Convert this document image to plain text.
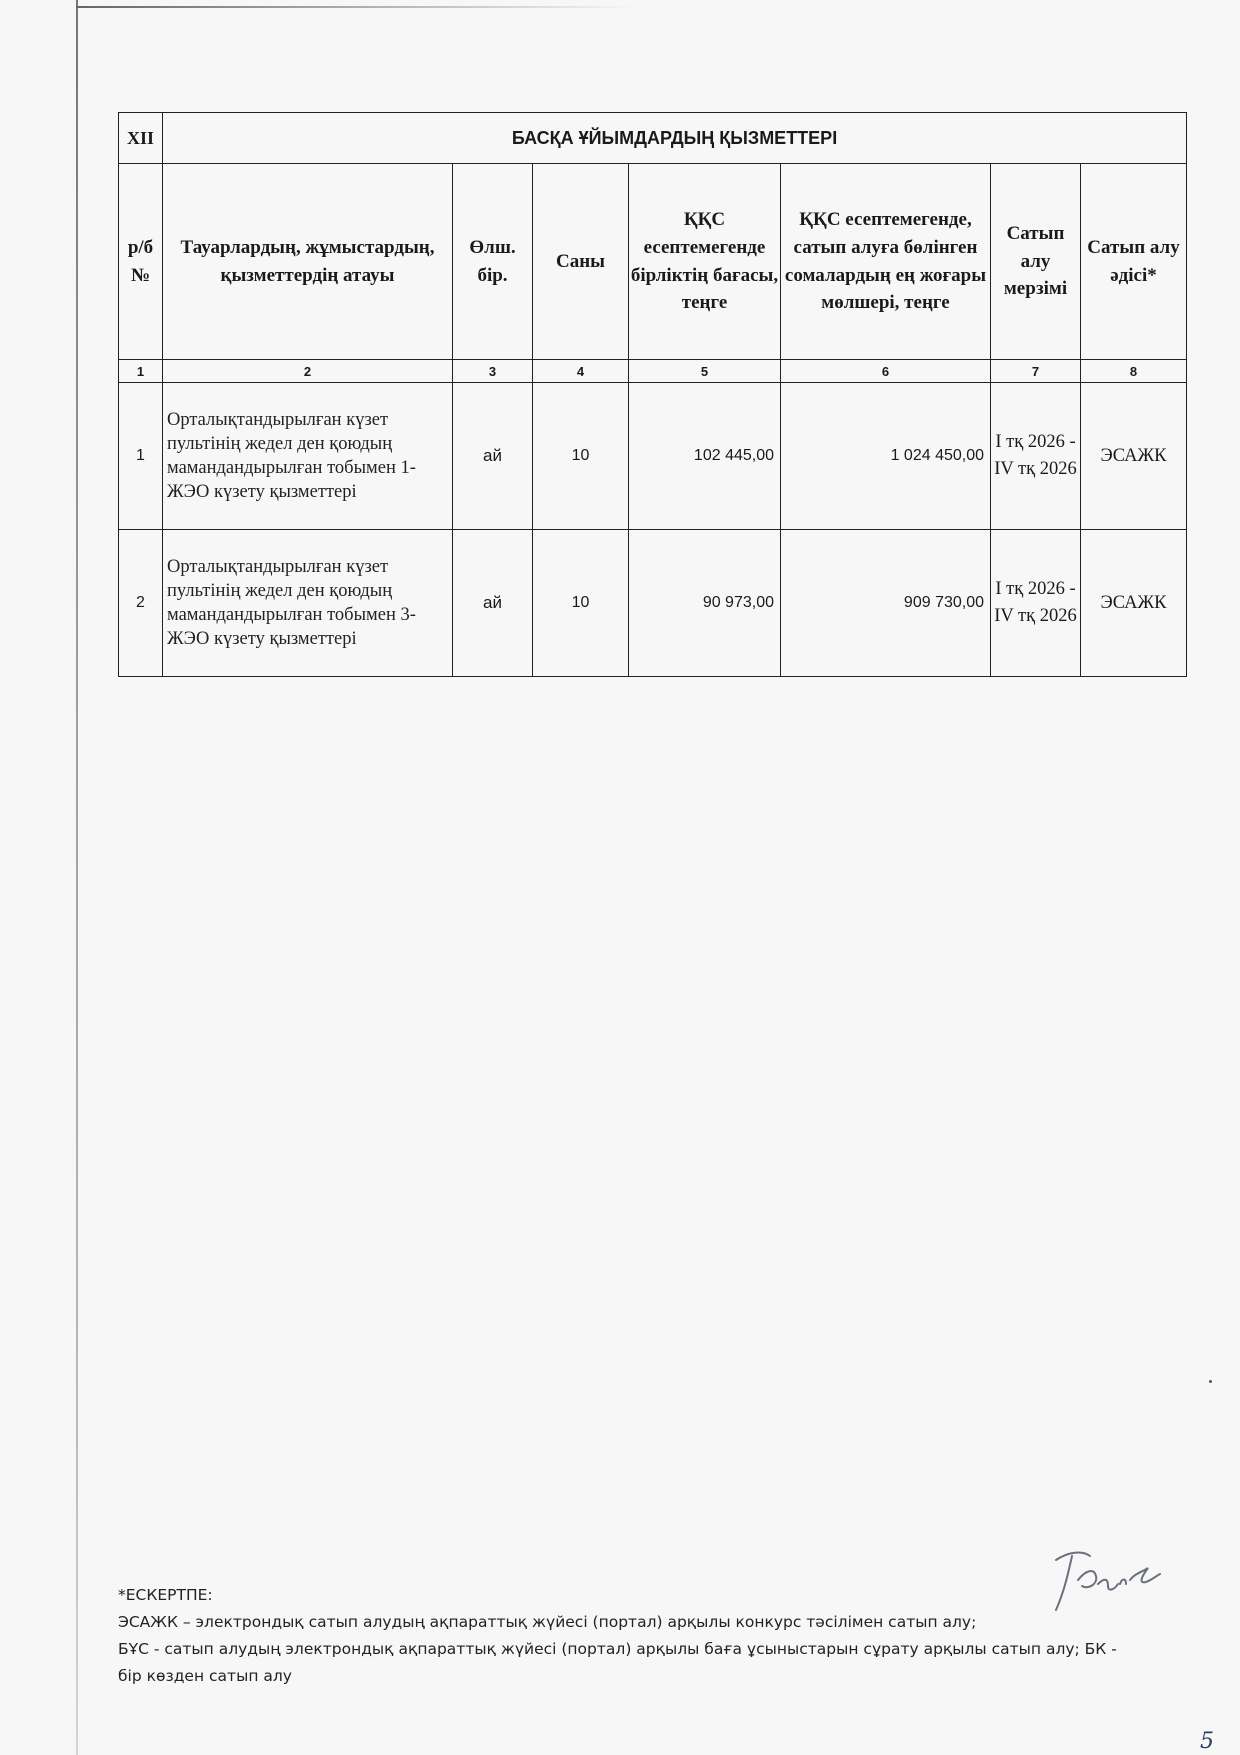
XII	БАСҚА ҰЙЫМДАРДЫҢ ҚЫЗМЕТТЕРІ						
р/б №	Тауарлардың, жұмыстардың, қызметтердің атауы	Өлш. бір.	Саны	ҚҚС есептемегенде бірліктің бағасы, теңге	ҚҚС есептемегенде, сатып алуға бөлінген сомалардың ең жоғары мөлшері, теңге	Сатып алу мерзімі	Сатып алу әдісі*
1	2	3	4	5	6	7	8
1	Орталықтандырылған күзет пультінің жедел ден қоюдың мамандандырылған тобымен 1-ЖЭО күзету қызметтері	ай	10	102 445,00	1 024 450,00	I тқ 2026 - IV тқ 2026	ЭСАЖК
2	Орталықтандырылған күзет пультінің жедел ден қоюдың мамандандырылған тобымен 3-ЖЭО күзету қызметтері	ай	10	90 973,00	909 730,00	I тқ 2026 - IV тқ 2026	ЭСАЖК

*ЕСКЕРТПЕ:

ЭСАЖК – электрондық сатып алудың ақпараттық жүйесі (портал) арқылы конкурс тәсілімен сатып алу;

БҰС - сатып алудың электрондық ақпараттық жүйесі (портал) арқылы баға ұсыныстарын сұрату арқылы сатып алу; БК - бір көзден сатып алу

5
